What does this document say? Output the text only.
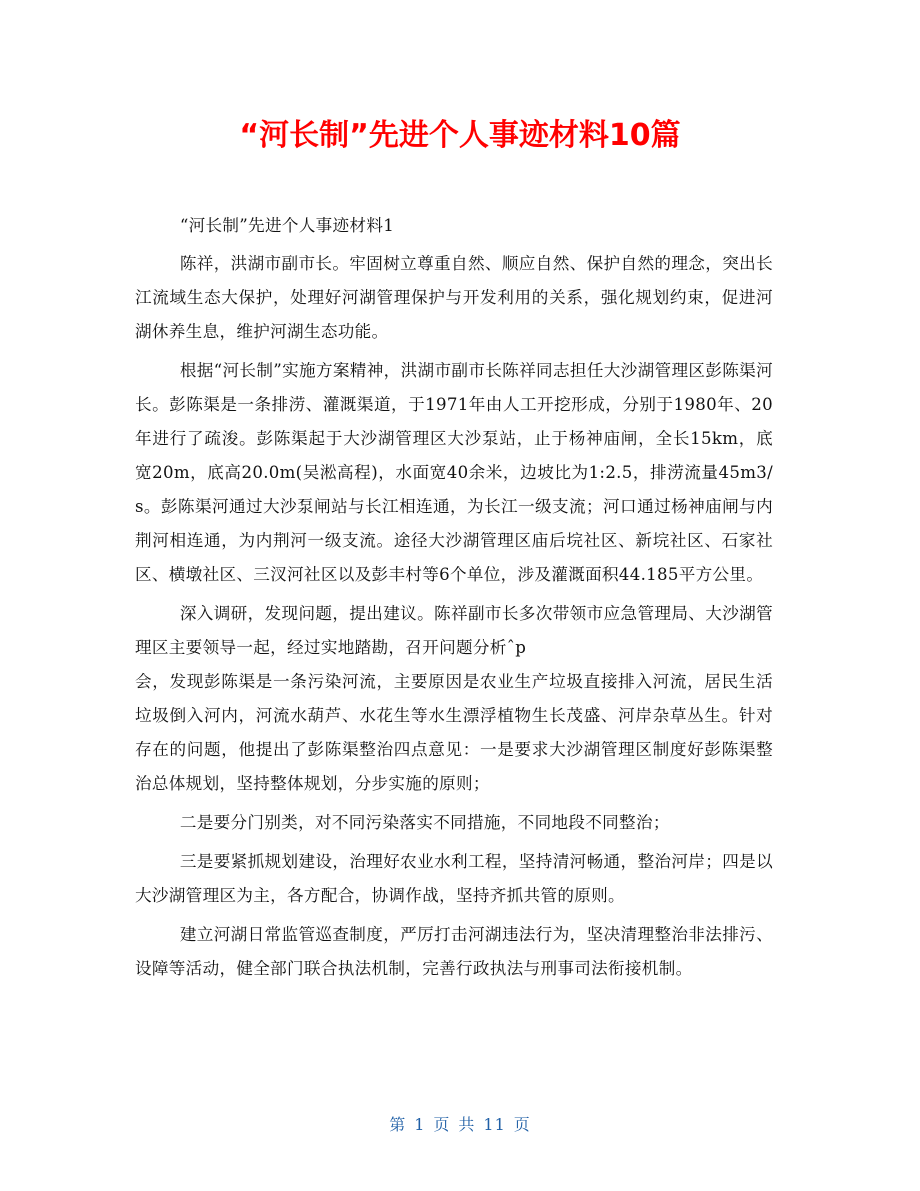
“河长制”先进个人事迹材料10篇

“河长制”先进个人事迹材料1

陈祥，洪湖市副市长。牢固树立尊重自然、顺应自然、保护自然的理念，突出长江流域生态大保护，处理好河湖管理保护与开发利用的关系，强化规划约束，促进河湖休养生息，维护河湖生态功能。

根据“河长制”实施方案精神，洪湖市副市长陈祥同志担任大沙湖管理区彭陈渠河长。彭陈渠是一条排涝、灌溉渠道，于1971年由人工开挖形成，分别于1980年、20年进行了疏浚。彭陈渠起于大沙湖管理区大沙泵站，止于杨神庙闸，全长15km，底宽20m，底高20.0m(吴淞高程)，水面宽40余米，边坡比为1:2.5，排涝流量45m3/s。彭陈渠河通过大沙泵闸站与长江相连通，为长江一级支流；河口通过杨神庙闸与内荆河相连通，为内荆河一级支流。途径大沙湖管理区庙后垸社区、新垸社区、石家社区、横墩社区、三汊河社区以及彭丰村等6个单位，涉及灌溉面积44.185平方公里。

深入调研，发现问题，提出建议。陈祥副市长多次带领市应急管理局、大沙湖管理区主要领导一起，经过实地踏勘，召开问题分析ˆp

会，发现彭陈渠是一条污染河流，主要原因是农业生产垃圾直接排入河流，居民生活垃圾倒入河内，河流水葫芦、水花生等水生漂浮植物生长茂盛、河岸杂草丛生。针对存在的问题，他提出了彭陈渠整治四点意见：一是要求大沙湖管理区制度好彭陈渠整治总体规划，坚持整体规划，分步实施的原则；

二是要分门别类，对不同污染落实不同措施，不同地段不同整治；

三是要紧抓规划建设，治理好农业水利工程，坚持清河畅通，整治河岸；四是以大沙湖管理区为主，各方配合，协调作战，坚持齐抓共管的原则。

建立河湖日常监管巡查制度，严厉打击河湖违法行为，坚决清理整治非法排污、设障等活动，健全部门联合执法机制，完善行政执法与刑事司法衔接机制。

第 1 页 共 11 页
